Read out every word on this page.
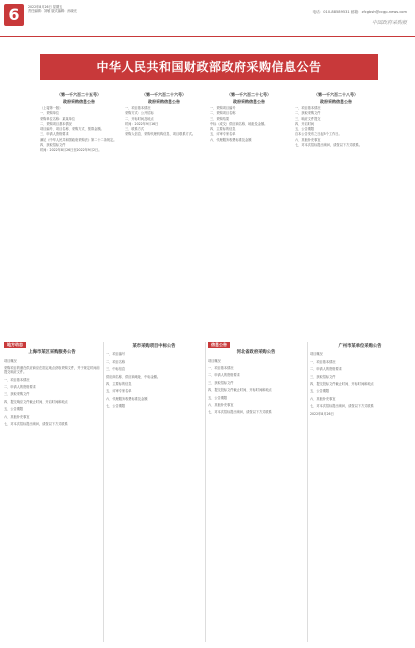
6	2022年8月26日 星期五
责任编辑：刘敏 版式编辑：孙晓光	电话：010-88589531 邮箱：zfcgbsh@ccgp-news.com
中国政府采购报
中华人民共和国财政部政府采购信息公告
（第一千六百二十五号）
政府采购信息公告

（上接第一版）

一、采购单位

采购单位名称：某某单位

二、采购项目基本情况

项目编号、项目名称、采购方式、预算金额。

三、申请人资格要求

满足《中华人民共和国政府采购法》第二十二条规定。

四、获取招标文件

时间：2022年8月26日至2022年9月2日。

（第一千六百二十六号）
政府采购信息公告

一、项目基本情况

采购方式：公开招标

二、开标时间及地点

时间：2022年9月16日

三、联系方式

采购人信息、采购代理机构信息、项目联系方式。

（第一千六百二十七号）
政府采购信息公告

一、采购项目编号

二、采购项目名称

三、采购结果

中标（成交）供应商名称、地址及金额。

四、主要标的信息

五、评审专家名单

六、代理服务收费标准及金额

（第一千六百二十八号）
政府采购信息公告

一、项目基本情况

二、获取采购文件

三、响应文件提交

四、开启时间

五、公告期限

自本公告发布之日起5个工作日。

六、其他补充事宜

七、对本次招标提出询问，请按以下方式联系。

地方动态
上海市某区采购服务公告

项目概况

采购项目的潜在供应商应在指定地点获取采购文件，并于规定时间前提交响应文件。

一、项目基本情况

二、申请人的资格要求

三、获取采购文件

四、提交响应文件截止时间、开启时间和地点

五、公告期限

六、其他补充事宜

七、对本次招标提出询问，请按以下方式联系

某市采购项目中标公告

一、项目编号

二、项目名称

三、中标信息

供应商名称、供应商地址、中标金额。

四、主要标的信息

五、评审专家名单

六、代理服务收费标准及金额

七、公告期限

信息公告
河北省政府采购公告

项目概况

一、项目基本情况

二、申请人的资格要求

三、获取招标文件

四、提交投标文件截止时间、开标时间和地点

五、公告期限

六、其他补充事宜

七、对本次招标提出询问，请按以下方式联系

广州市某单位采购公告

项目概况

一、项目基本情况

二、申请人的资格要求

三、获取招标文件

四、提交投标文件截止时间、开标时间和地点

五、公告期限

六、其他补充事宜

七、对本次招标提出询问，请按以下方式联系

2022年8月26日
